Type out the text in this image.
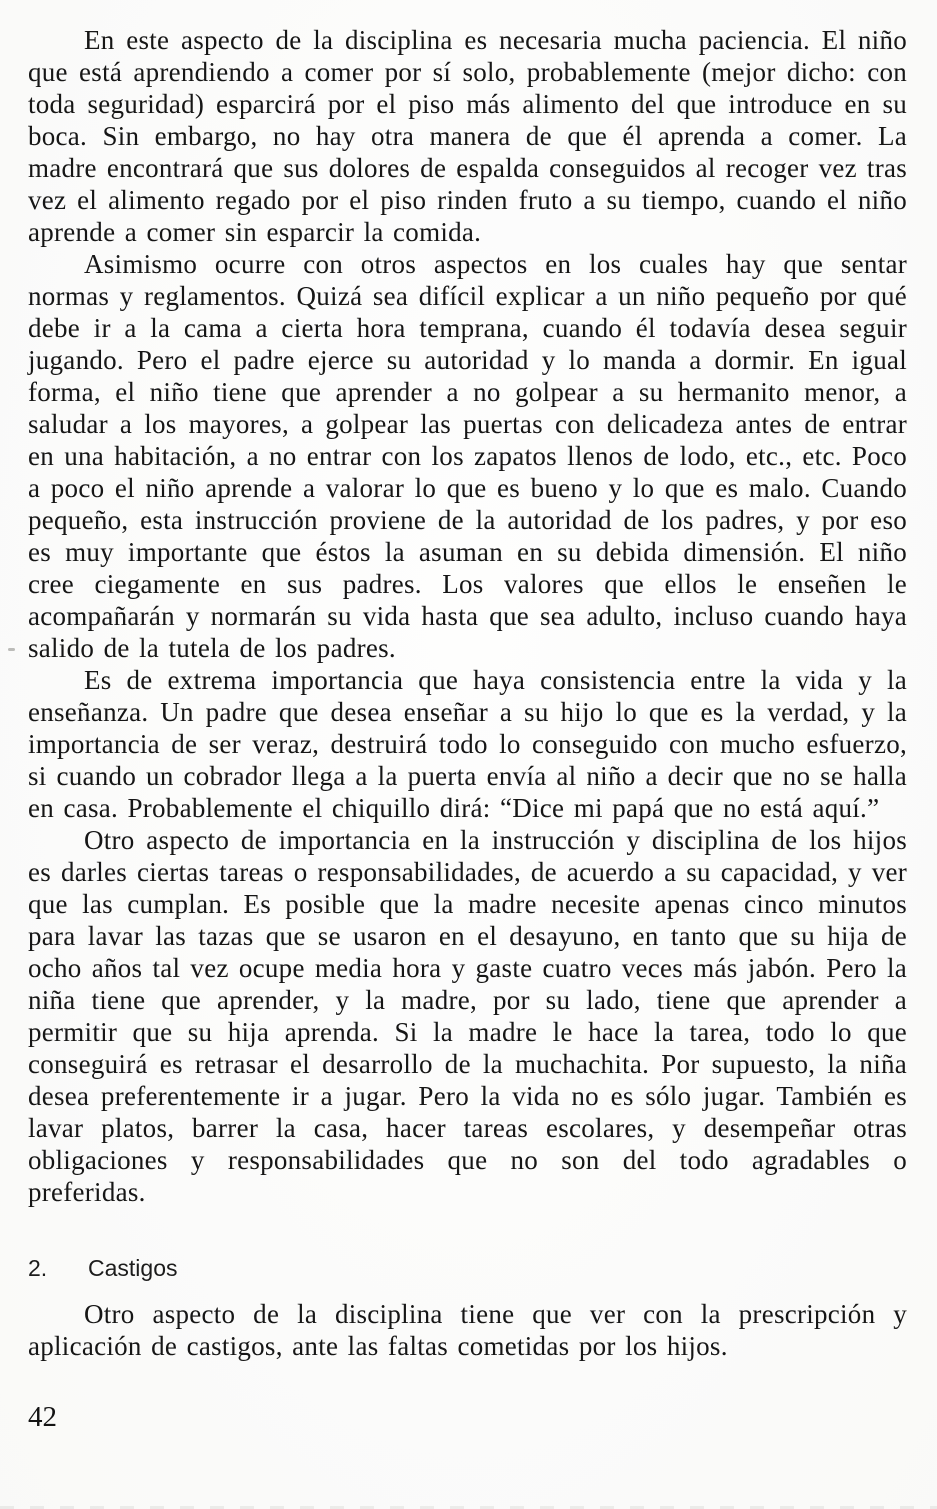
En este aspecto de la disciplina es necesaria mucha paciencia. El niño que está aprendiendo a comer por sí solo, probablemente (mejor dicho: con toda seguridad) esparcirá por el piso más alimento del que introduce en su boca. Sin embargo, no hay otra manera de que él aprenda a comer. La madre encontrará que sus dolores de espalda conseguidos al recoger vez tras vez el alimento regado por el piso rinden fruto a su tiempo, cuando el niño aprende a comer sin esparcir la comida.

Asimismo ocurre con otros aspectos en los cuales hay que sentar normas y reglamentos. Quizá sea difícil explicar a un niño pequeño por qué debe ir a la cama a cierta hora temprana, cuando él todavía desea seguir jugando. Pero el padre ejerce su autoridad y lo manda a dormir. En igual forma, el niño tiene que aprender a no golpear a su hermanito menor, a saludar a los mayores, a golpear las puertas con delicadeza antes de entrar en una habitación, a no entrar con los zapatos llenos de lodo, etc., etc. Poco a poco el niño aprende a valorar lo que es bueno y lo que es malo. Cuando pequeño, esta instrucción proviene de la autoridad de los padres, y por eso es muy importante que éstos la asuman en su debida dimensión. El niño cree ciegamente en sus padres. Los valores que ellos le enseñen le acompañarán y normarán su vida hasta que sea adulto, incluso cuando haya salido de la tutela de los padres.

Es de extrema importancia que haya consistencia entre la vida y la enseñanza. Un padre que desea enseñar a su hijo lo que es la verdad, y la importancia de ser veraz, destruirá todo lo conseguido con mucho esfuerzo, si cuando un cobrador llega a la puerta envía al niño a decir que no se halla en casa. Probablemente el chiquillo dirá: “Dice mi papá que no está aquí.”

Otro aspecto de importancia en la instrucción y disciplina de los hijos es darles ciertas tareas o responsabilidades, de acuerdo a su capacidad, y ver que las cumplan. Es posible que la madre necesite apenas cinco minutos para lavar las tazas que se usaron en el desayuno, en tanto que su hija de ocho años tal vez ocupe media hora y gaste cuatro veces más jabón. Pero la niña tiene que aprender, y la madre, por su lado, tiene que aprender a permitir que su hija aprenda. Si la madre le hace la tarea, todo lo que conseguirá es retrasar el desarrollo de la muchachita. Por supuesto, la niña desea preferentemente ir a jugar. Pero la vida no es sólo jugar. También es lavar platos, barrer la casa, hacer tareas escolares, y desempeñar otras obligaciones y responsabilidades que no son del todo agradables o preferidas.

2.	Castigos

Otro aspecto de la disciplina tiene que ver con la prescripción y aplicación de castigos, ante las faltas cometidas por los hijos.

42
